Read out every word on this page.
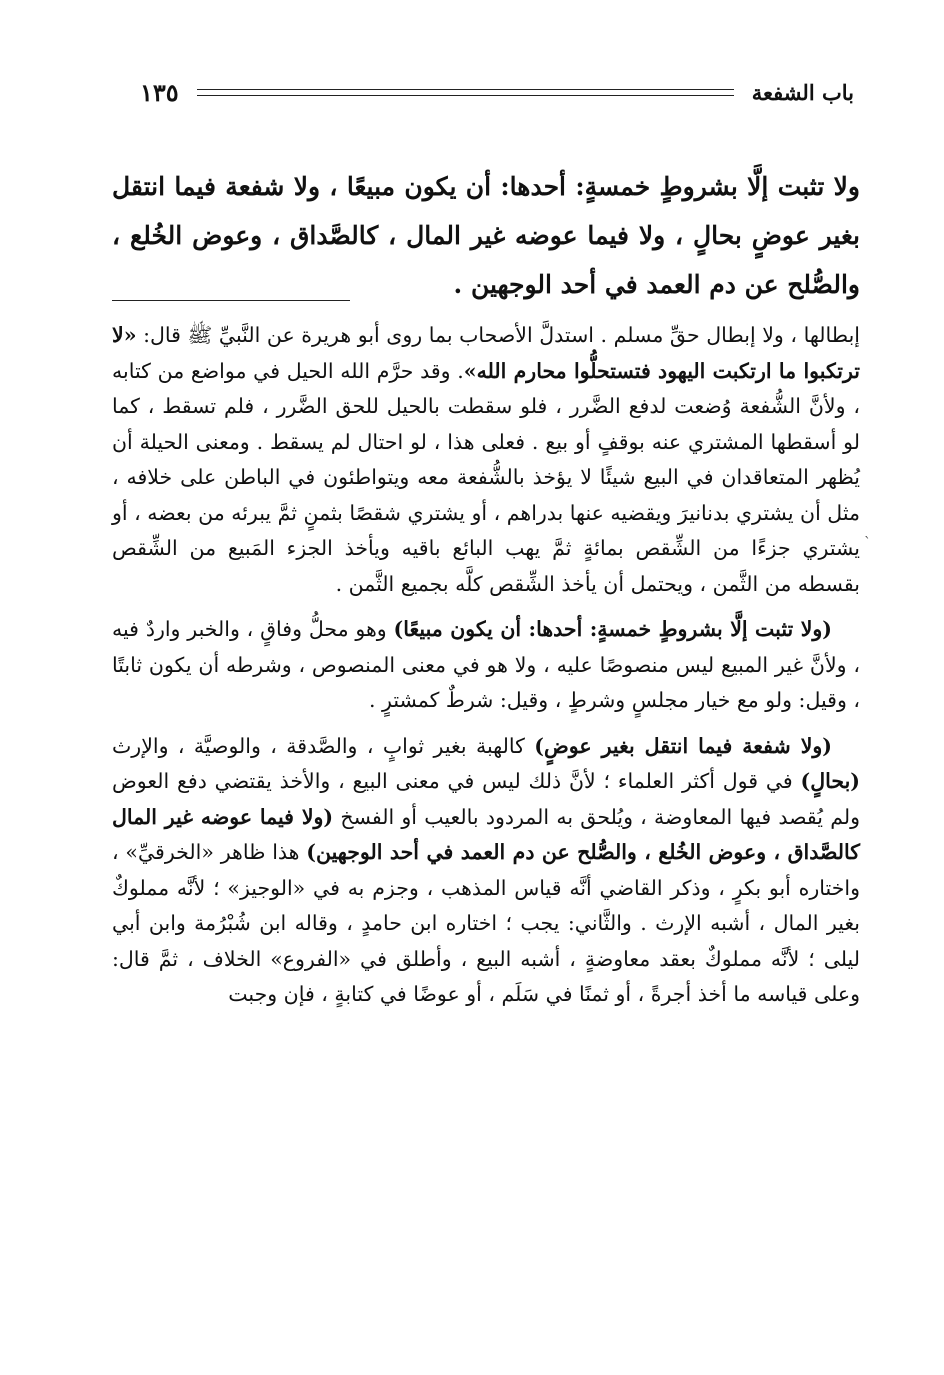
باب الشفعة
١٣٥
ولا تثبت إلَّا بشروطٍ خمسةٍ: أحدها: أن يكون مبيعًا ، ولا شفعة فيما انتقل بغير عوضٍ بحالٍ ، ولا فيما عوضه غير المال ، كالصَّداق ، وعوض الخُلع ، والصُّلح عن دم العمد في أحد الوجهين .
ˋ

إبطالها ، ولا إبطال حقِّ مسلم . استدلَّ الأصحاب بما روى أبو هريرة عن النَّبيِّ ﷺ قال: «لا ترتكبوا ما ارتكبت اليهود فتستحلُّوا محارم الله». وقد حرَّم الله الحيل في مواضع من كتابه ، ولأنَّ الشُّفعة وُضعت لدفع الضَّرر ، فلو سقطت بالحيل للحق الضَّرر ، فلم تسقط ، كما لو أسقطها المشتري عنه بوقفٍ أو بيع . فعلى هذا ، لو احتال لم يسقط . ومعنى الحيلة أن يُظهر المتعاقدان في البيع شيئًا لا يؤخذ بالشُّفعة معه ويتواطئون في الباطن على خلافه ، مثل أن يشتري بدنانيرَ ويقضيه عنها بدراهم ، أو يشتري شقصًا بثمنٍ ثمَّ يبرئه من بعضه ، أو يشتري جزءًا من الشِّقص بمائةٍ ثمَّ يهب البائع باقيه ويأخذ الجزء المَبيع من الشِّقص بقسطه من الثَّمن ، ويحتمل أن يأخذ الشِّقص كلَّه بجميع الثَّمن .

(ولا تثبت إلَّا بشروطٍ خمسةٍ: أحدها: أن يكون مبيعًا) وهو محلُّ وفاقٍ ، والخبر واردٌ فيه ، ولأنَّ غير المبيع ليس منصوصًا عليه ، ولا هو في معنى المنصوص ، وشرطه أن يكون ثابتًا ، وقيل: ولو مع خيار مجلسٍ وشرطٍ ، وقيل: شرطٌ كمشترٍ .

(ولا شفعة فيما انتقل بغير عوضٍ) كالهبة بغير ثوابٍ ، والصَّدقة ، والوصيَّة ، والإرث (بحالٍ) في قول أكثر العلماء ؛ لأنَّ ذلك ليس في معنى البيع ، والأخذ يقتضي دفع العوض ولم يُقصد فيها المعاوضة ، ويُلحق به المردود بالعيب أو الفسخ (ولا فيما عوضه غير المال كالصَّداق ، وعوض الخُلع ، والصُّلح عن دم العمد في أحد الوجهين) هذا ظاهر «الخرقيِّ» ، واختاره أبو بكرٍ ، وذكر القاضي أنَّه قياس المذهب ، وجزم به في «الوجيز» ؛ لأنَّه مملوكٌ بغير المال ، أشبه الإرث . والثَّاني: يجب ؛ اختاره ابن حامدٍ ، وقاله ابن شُبْرُمة وابن أبي ليلى ؛ لأنَّه مملوكٌ بعقد معاوضةٍ ، أشبه البيع ، وأطلق في «الفروع» الخلاف ، ثمَّ قال: وعلى قياسه ما أخذ أجرةً ، أو ثمنًا في سَلَم ، أو عوضًا في كتابةٍ ، فإن وجبت
